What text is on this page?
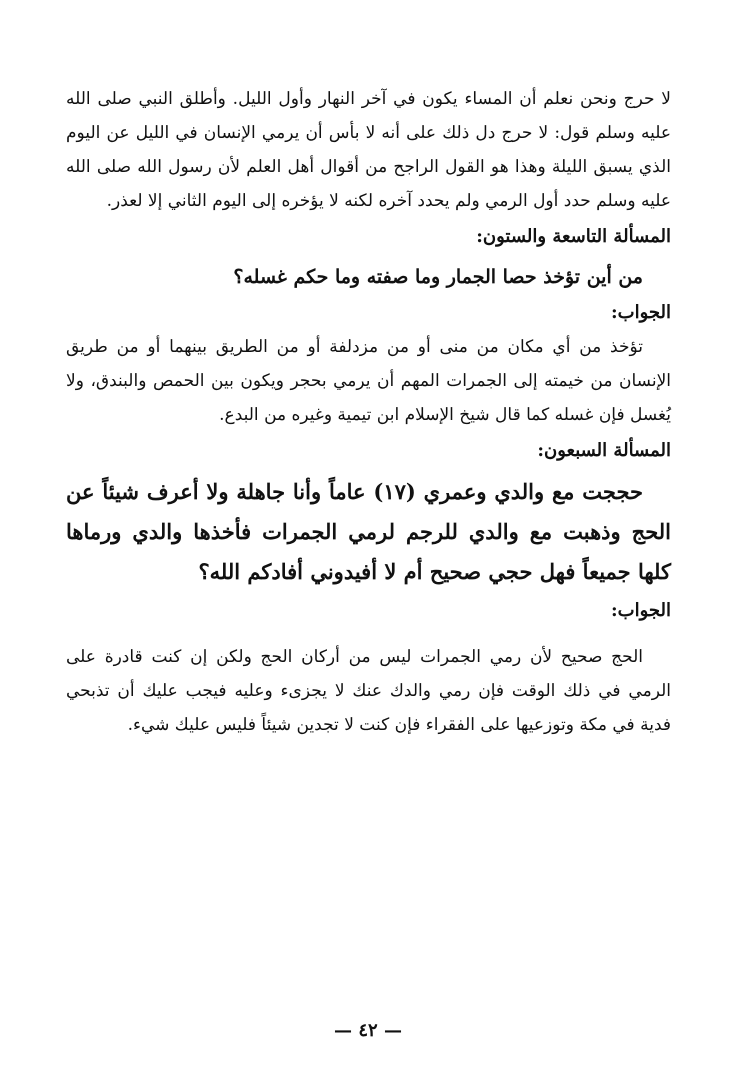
لا حرج ونحن نعلم أن المساء يكون في آخر النهار وأول الليل. وأطلق النبي صلى الله عليه وسلم قول: لا حرج دل ذلك على أنه لا بأس أن يرمي الإنسان في الليل عن اليوم الذي يسبق الليلة وهذا هو القول الراجح من أقوال أهل العلم لأن رسول الله صلى الله عليه وسلم حدد أول الرمي ولم يحدد آخره لكنه لا يؤخره إلى اليوم الثاني إلا لعذر.

المسألة التاسعة والستون:

من أين تؤخذ حصا الجمار وما صفته وما حكم غسله؟

الجواب:

تؤخذ من أي مكان من منى أو من مزدلفة أو من الطريق بينهما أو من طريق الإنسان من خيمته إلى الجمرات المهم أن يرمي بحجر ويكون بين الحمص والبندق، ولا يُغسل فإن غسله كما قال شيخ الإسلام ابن تيمية وغيره من البدع.

المسألة السبعون:

حججت مع والدي وعمري (١٧) عاماً وأنا جاهلة ولا أعرف شيئاً عن الحج وذهبت مع والدي للرجم لرمي الجمرات فأخذها والدي ورماها كلها جميعاً فهل حجي صحيح أم لا أفيدوني أفادكم الله؟

الجواب:

الحج صحيح لأن رمي الجمرات ليس من أركان الحج ولكن إن كنت قادرة على الرمي في ذلك الوقت فإن رمي والدك عنك لا يجزىء وعليه فيجب عليك أن تذبحي فدية في مكة وتوزعيها على الفقراء فإن كنت لا تجدين شيئاً فليس عليك شيء.

— ٤٢ —
